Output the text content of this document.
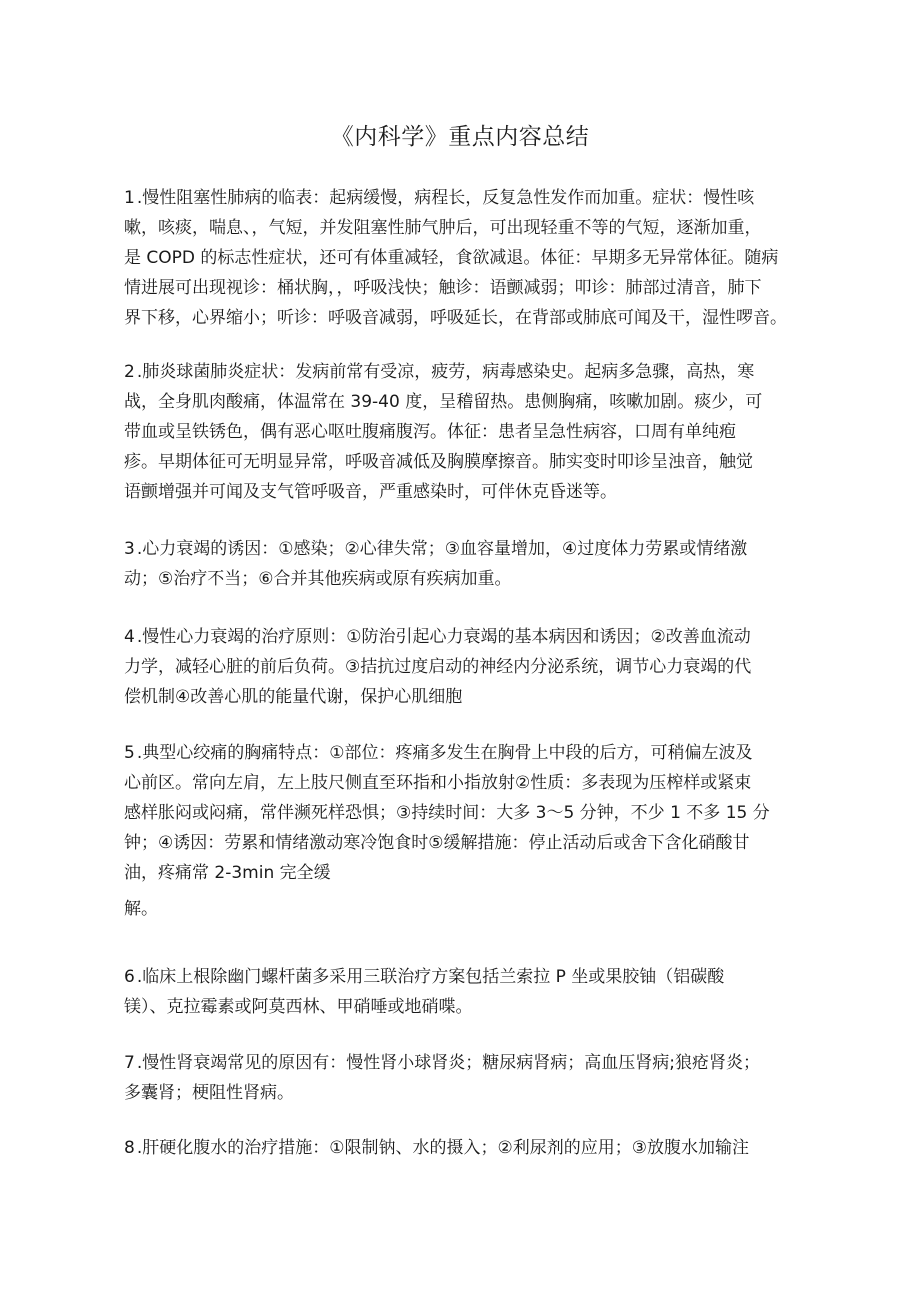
《内科学》重点内容总结
1 .慢性阻塞性肺病的临表：起病缓慢，病程长，反复急性发作而加重。症状：慢性咳
嗽，咳痰，喘息、，气短，并发阻塞性肺气肿后，可出现轻重不等的气短，逐渐加重，
是 COPD 的标志性症状，还可有体重减轻，食欲减退。体征：早期多无异常体征。随病
情进展可出现视诊：桶状胸，，呼吸浅快；触诊：语颤减弱；叩诊：肺部过清音，肺下
界下移，心界缩小；听诊：呼吸音减弱，呼吸延长，在背部或肺底可闻及干，湿性啰音。
2 .肺炎球菌肺炎症状：发病前常有受凉，疲劳，病毒感染史。起病多急骤，高热，寒
战，全身肌肉酸痛，体温常在 39-40 度，呈稽留热。患侧胸痛，咳嗽加剧。痰少，可
带血或呈铁锈色，偶有恶心呕吐腹痛腹泻。体征：患者呈急性病容，口周有单纯疱
疹。早期体征可无明显异常，呼吸音减低及胸膜摩擦音。肺实变时叩诊呈浊音，触觉
语颤增强并可闻及支气管呼吸音，严重感染时，可伴休克昏迷等。
3 .心力衰竭的诱因：①感染；②心律失常；③血容量增加，④过度体力劳累或情绪激
动；⑤治疗不当；⑥合并其他疾病或原有疾病加重。
4 .慢性心力衰竭的治疗原则：①防治引起心力衰竭的基本病因和诱因；②改善血流动
力学，减轻心脏的前后负荷。③拮抗过度启动的神经内分泌系统，调节心力衰竭的代
偿机制④改善心肌的能量代谢，保护心肌细胞
5 .典型心绞痛的胸痛特点：①部位：疼痛多发生在胸骨上中段的后方，可稍偏左波及
心前区。常向左肩，左上肢尺侧直至环指和小指放射②性质：多表现为压榨样或紧束
感样胀闷或闷痛，常伴濒死样恐惧；③持续时间：大多 3～5 分钟，不少 1 不多 15 分
钟；④诱因：劳累和情绪激动寒冷饱食时⑤缓解措施：停止活动后或舍下含化硝酸甘
油，疼痛常 2-3min 完全缓
解。
6 .临床上根除幽门螺杆菌多采用三联治疗方案包括兰索拉 P 坐或果胶铀（铝碳酸
镁）、克拉霉素或阿莫西林、甲硝唾或地硝喋。
7 .慢性肾衰竭常见的原因有：慢性肾小球肾炎；糖尿病肾病；高血压肾病;狼疮肾炎；
多囊肾；梗阻性肾病。
8 .肝硬化腹水的治疗措施：①限制钠、水的摄入；②利尿剂的应用；③放腹水加输注
